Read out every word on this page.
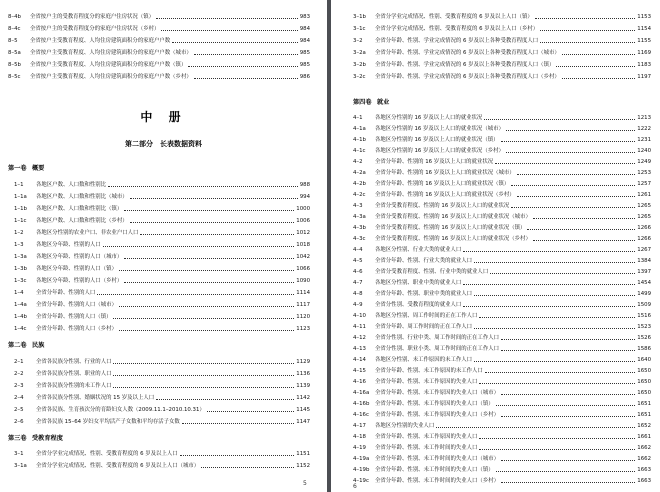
8–4b	全省按户主的受教育程度分的家庭户住房状况（镇）	983
8–4c	全省按户主的受教育程度分的家庭户住房状况（乡村）	984
8–5	全省按户主受教育程度、人均住房建筑面积分的家庭户户数	984
8–5a	全省按户主受教育程度、人均住房建筑面积分的家庭户户数（城市）	985
8–5b	全省按户主受教育程度、人均住房建筑面积分的家庭户户数（镇）	985
8–5c	全省按户主受教育程度、人均住房建筑面积分的家庭户户数（乡村）	986
中 册
第二部分　长表数据资料
第一卷 概要
1–1	各地区户数、人口数和性别比	988
1–1a	各地区户数、人口数和性别比（城市）	994
1–1b	各地区户数、人口数和性别比（镇）	1000
1–1c	各地区户数、人口数和性别比（乡村）	1006
1–2	各地区分性别的农业户口、非农业户口人口	1012
1–3	各地区分年龄、性别的人口	1018
1–3a	各地区分年龄、性别的人口（城市）	1042
1–3b	各地区分年龄、性别的人口（镇）	1066
1–3c	各地区分年龄、性别的人口（乡村）	1090
1–4	全省分年龄、性别的人口	1114
1–4a	全省分年龄、性别的人口（城市）	1117
1–4b	全省分年龄、性别的人口（镇）	1120
1–4c	全省分年龄、性别的人口（乡村）	1123
第二卷 民族
2–1	全省各民族分性别、行业的人口	1129
2–2	全省各民族分性别、职业的人口	1136
2–3	全省各民族分性别的未工作人口	1139
2–4	全省各民族分性别、婚姻状况的 15 岁及以上人口	1142
2–5	全省各民族、生育孩次分的育龄妇女人数（2009.11.1–2010.10.31）	1145
2–6	全省各民族 15–64 岁妇女平均活产子女数和平均存活子女数	1147
第三卷 受教育程度
3–1	全省分学业完成情况、性别、受教育程度的 6 岁及以上人口	1151
3–1a	全省分学业完成情况、性别、受教育程度的 6 岁及以上人口（城市）	1152
5
3–1b	全省分学业完成情况、性别、受教育程度的 6 岁及以上人口（镇）	1153
3–1c	全省分学业完成情况、性别、受教育程度的 6 岁及以上人口（乡村）	1154
3–2	全省分年龄、性别、学业完成情况的 6 岁及以上各种受教育程度人口	1155
3–2a	全省分年龄、性别、学业完成情况的 6 岁及以上各种受教育程度人口（城市）	1169
3–2b	全省分年龄、性别、学业完成情况的 6 岁及以上各种受教育程度人口（镇）	1183
3–2c	全省分年龄、性别、学业完成情况的 6 岁及以上各种受教育程度人口（乡村）	1197
第四卷 就业
4–1	各地区分性别的 16 岁及以上人口的就业状况	1213
4–1a	各地区分性别的 16 岁及以上人口的就业状况（城市）	1222
4–1b	各地区分性别的 16 岁及以上人口的就业状况（镇）	1231
4–1c	各地区分性别的 16 岁及以上人口的就业状况（乡村）	1240
4–2	全省分年龄、性别的 16 岁及以上人口的就业状况	1249
4–2a	全省分年龄、性别的 16 岁及以上人口的就业状况（城市）	1253
4–2b	全省分年龄、性别的 16 岁及以上人口的就业状况（镇）	1257
4–2c	全省分年龄、性别的 16 岁及以上人口的就业状况（乡村）	1261
4–3	全省分受教育程度、性别的 16 岁及以上人口的就业状况	1265
4–3a	全省分受教育程度、性别的 16 岁及以上人口的就业状况（城市）	1265
4–3b	全省分受教育程度、性别的 16 岁及以上人口的就业状况（镇）	1266
4–3c	全省分受教育程度、性别的 16 岁及以上人口的就业状况（乡村）	1266
4–4	各地区分性别、行业大类的就业人口	1267
4–5	全省分年龄、性别、行业大类的就业人口	1384
4–6	全省分受教育程度、性别、行业中类的就业人口	1397
4–7	各地区分性别、职业中类的就业人口	1454
4–8	全省分年龄、性别、职业中类的就业人口	1499
4–9	全省分性别、受教育程度的就业人口	1509
4–10	各地区分性别、周工作时间的正在工作人口	1516
4–11	全省分年龄、周工作时间的正在工作人口	1523
4–12	全省分性别、行业中类、周工作时间的正在工作人口	1526
4–13	全省分性别、职业小类、周工作时间的正在工作人口	1586
4–14	各地区分性别、未工作原因的未工作人口	1640
4–15	全省分年龄、性别、未工作原因的未工作人口	1650
4–16	全省分年龄、性别、未工作原因的失业人口	1650
4–16a	全省分年龄、性别、未工作原因的失业人口（城市）	1650
4–16b	全省分年龄、性别、未工作原因的失业人口（镇）	1651
4–16c	全省分年龄、性别、未工作原因的失业人口（乡村）	1651
4–17	各地区分性别的失业人口	1652
4–18	全省分年龄、性别、未工作原因的失业人口	1661
4–19	全省分年龄、性别、未工作时间的失业人口	1662
4–19a	全省分年龄、性别、未工作时间的失业人口（城市）	1662
4–19b	全省分年龄、性别、未工作时间的失业人口（镇）	1663
4–19c	全省分年龄、性别、未工作时间的失业人口（乡村）	1663
6
